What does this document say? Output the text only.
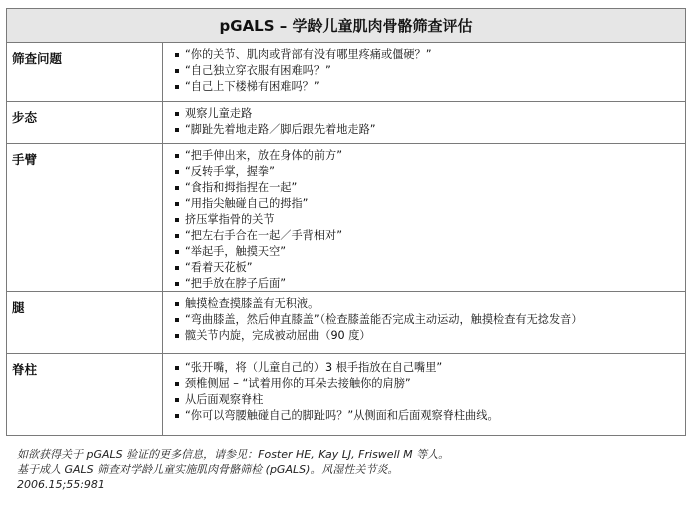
pGALS – 学龄儿童肌肉骨骼筛查评估
筛查问题	“你的关节、肌肉或背部有没有哪里疼痛或僵硬？”
“自己独立穿衣服有困难吗？”
“自己上下楼梯有困难吗？”
步态	观察儿童走路
“脚趾先着地走路／脚后跟先着地走路”
手臂	“把手伸出来，放在身体的前方”
“反转手掌，握拳”
“食指和拇指捏在一起”
“用指尖触碰自己的拇指”
挤压掌指骨的关节
“把左右手合在一起／手背相对”
“举起手，触摸天空”
“看着天花板”
“把手放在脖子后面”
腿	触摸检查摸膝盖有无积液。
“弯曲膝盖，然后伸直膝盖”（检查膝盖能否完成主动运动，触摸检查有无捻发音）
髋关节内旋，完成被动屈曲（90 度）
脊柱	“张开嘴，将（儿童自己的）3 根手指放在自己嘴里”
颈椎侧屈 – “试着用你的耳朵去接触你的肩膀”
从后面观察脊柱
“你可以弯腰触碰自己的脚趾吗？”从侧面和后面观察脊柱曲线。
如欲获得关于 pGALS 验证的更多信息，请参见：Foster HE, Kay LJ, Friswell M 等人。
基于成人 GALS 筛查对学龄儿童实施肌肉骨骼筛检 (pGALS)。风湿性关节炎。
2006.15;55:981
